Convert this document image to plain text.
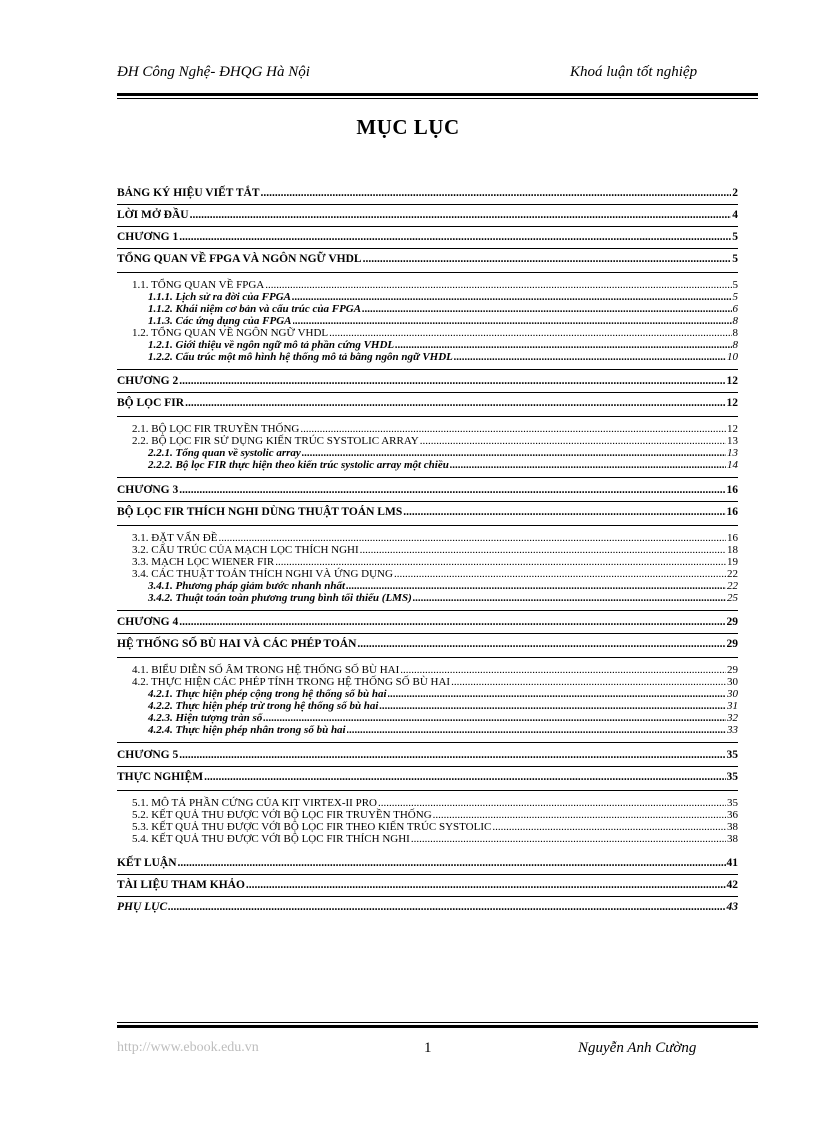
ĐH Công Nghệ- ĐHQG Hà Nội	Khoá luận tốt nghiệp
MỤC LỤC
BẢNG KÝ HIỆU VIẾT TẮT .....	2
LỜI MỞ ĐẦU .....	4
CHƯƠNG 1 .....	5
TỔNG QUAN VỀ FPGA VÀ NGÔN NGỮ VHDL .....	5
1.1. TỔNG QUAN VỀ FPGA .....	5
1.1.1. Lịch sử ra đời của FPGA .....	5
1.1.2. Khái niệm cơ bản và cấu trúc của FPGA .....	6
1.1.3. Các ứng dụng của FPGA .....	8
1.2. TỔNG QUAN VỀ NGÔN NGỮ VHDL .....	8
1.2.1. Giới thiệu về ngôn ngữ mô tả phần cứng VHDL .....	8
1.2.2. Cấu trúc một mô hình hệ thống mô tả bằng ngôn ngữ VHDL .....	10
CHƯƠNG 2 .....	12
BỘ LỌC FIR .....	12
2.1. BỘ LỌC FIR TRUYỀN THỐNG .....	12
2.2. BỘ LỌC FIR SỬ DỤNG KIẾN TRÚC SYSTOLIC ARRAY .....	13
2.2.1. Tổng quan về systolic array .....	13
2.2.2. Bộ lọc FIR thực hiện theo kiến trúc systolic array một chiều .....	14
CHƯƠNG 3 .....	16
BỘ LỌC FIR THÍCH NGHI DÙNG THUẬT TOÁN LMS .....	16
3.1. ĐẶT VẤN ĐỀ .....	16
3.2. CẤU TRÚC CỦA MẠCH LỌC THÍCH NGHI .....	18
3.3. MẠCH LỌC WIENER FIR .....	19
3.4. CÁC THUẬT TOÁN THÍCH NGHI VÀ ỨNG DỤNG .....	22
3.4.1. Phương pháp giảm bước nhanh nhất .....	22
3.4.2. Thuật toán toàn phương trung bình tối thiểu (LMS) .....	25
CHƯƠNG 4 .....	29
HỆ THỐNG SỐ BÙ HAI VÀ CÁC PHÉP TOÁN .....	29
4.1. BIỂU DIỄN SỐ ÂM TRONG HỆ THỐNG SỐ BÙ HAI .....	29
4.2. THỰC HIỆN CÁC PHÉP TÍNH TRONG HỆ THỐNG SỐ BÙ HAI .....	30
4.2.1. Thực hiện phép cộng trong hệ thống số bù hai .....	30
4.2.2. Thực hiện phép trừ trong hệ thống số bù hai .....	31
4.2.3. Hiện tượng tràn số .....	32
4.2.4. Thực hiện phép nhân trong số bù hai .....	33
CHƯƠNG 5 .....	35
THỰC NGHIỆM .....	35
5.1. MÔ TẢ PHẦN CỨNG CỦA KIT VIRTEX-II PRO .....	35
5.2. KẾT QUẢ THU ĐƯỢC VỚI BỘ LỌC FIR TRUYỀN THỐNG .....	36
5.3. KẾT QUẢ THU ĐƯỢC VỚI BỘ LỌC FIR THEO KIẾN TRÚC SYSTOLIC .....	38
5.4. KẾT QUẢ THU ĐƯỢC VỚI BỘ LỌC FIR THÍCH NGHI .....	38
KẾT LUẬN .....	41
TÀI LIỆU THAM KHẢO .....	42
PHỤ LỤC .....	43
http://www.ebook.edu.vn	1	Nguyễn Anh Cường
